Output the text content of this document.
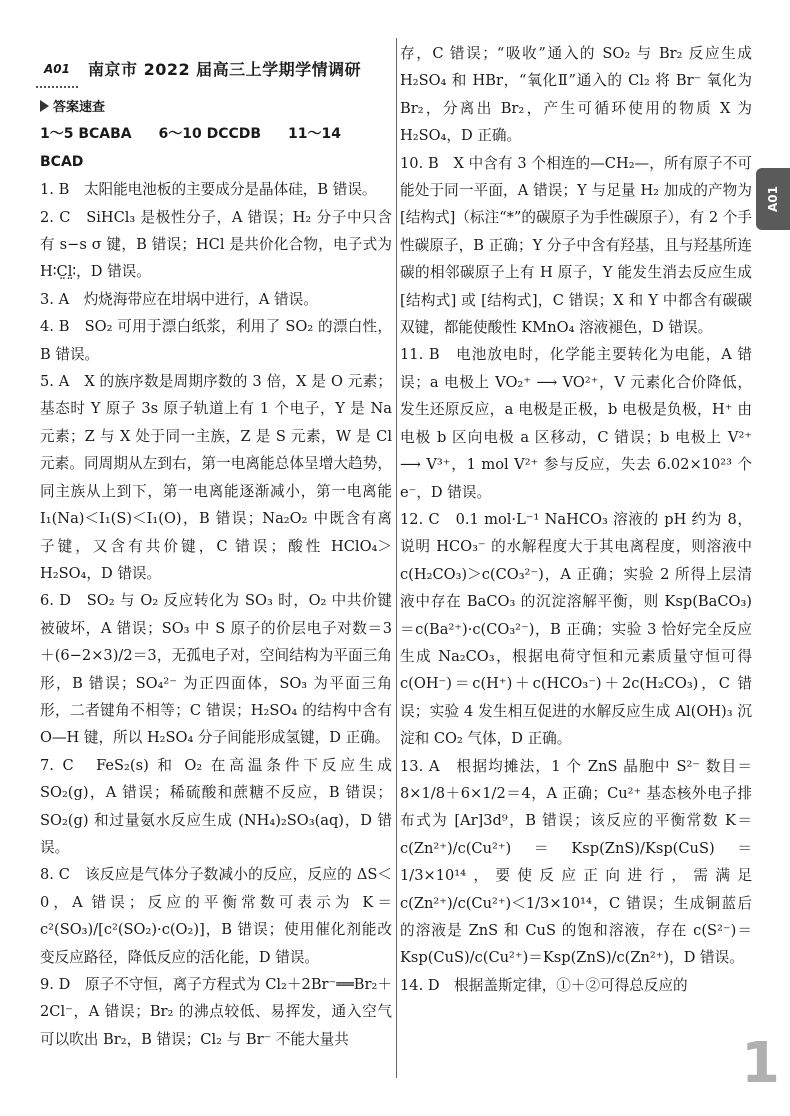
A01 南京市 2022 届高三上学期学情调研
答案速查
1～5 BCABA 6～10 DCCDB 11～14 BCAD

1. B　太阳能电池板的主要成分是晶体硅，B 错误。

2. C　SiHCl₃ 是极性分子，A 错误；H₂ 分子中只含有 s−s σ 键，B 错误；HCl 是共价化合物，电子式为 H∶C̤l̤∶，D 错误。

3. A　灼烧海带应在坩埚中进行，A 错误。

4. B　SO₂ 可用于漂白纸浆，利用了 SO₂ 的漂白性，B 错误。

5. A　X 的族序数是周期序数的 3 倍，X 是 O 元素；基态时 Y 原子 3s 原子轨道上有 1 个电子，Y 是 Na 元素；Z 与 X 处于同一主族，Z 是 S 元素，W 是 Cl 元素。同周期从左到右，第一电离能总体呈增大趋势，同主族从上到下，第一电离能逐渐减小，第一电离能 I₁(Na)＜I₁(S)＜I₁(O)，B 错误；Na₂O₂ 中既含有离子键，又含有共价键，C 错误；酸性 HClO₄＞H₂SO₄，D 错误。

6. D　SO₂ 与 O₂ 反应转化为 SO₃ 时，O₂ 中共价键被破坏，A 错误；SO₃ 中 S 原子的价层电子对数＝3＋(6−2×3)/2＝3，无孤电子对，空间结构为平面三角形，B 错误；SO₄²⁻ 为正四面体，SO₃ 为平面三角形，二者键角不相等；C 错误；H₂SO₄ 的结构中含有 O—H 键，所以 H₂SO₄ 分子间能形成氢键，D 正确。

7. C　FeS₂(s) 和 O₂ 在高温条件下反应生成 SO₂(g)，A 错误；稀硫酸和蔗糖不反应，B 错误；SO₂(g) 和过量氨水反应生成 (NH₄)₂SO₃(aq)，D 错误。

8. C　该反应是气体分子数减小的反应，反应的 ΔS＜0，A 错误；反应的平衡常数可表示为 K＝c²(SO₃)/[c²(SO₂)·c(O₂)]，B 错误；使用催化剂能改变反应路径，降低反应的活化能，D 错误。

9. D　原子不守恒，离子方程式为 Cl₂＋2Br⁻══Br₂＋2Cl⁻，A 错误；Br₂ 的沸点较低、易挥发，通入空气可以吹出 Br₂，B 错误；Cl₂ 与 Br⁻ 不能大量共

存，C 错误；“吸收”通入的 SO₂ 与 Br₂ 反应生成 H₂SO₄ 和 HBr，“氧化Ⅱ”通入的 Cl₂ 将 Br⁻ 氧化为 Br₂，分离出 Br₂，产生可循环使用的物质 X 为 H₂SO₄，D 正确。

10. B　X 中含有 3 个相连的—CH₂—，所有原子不可能处于同一平面，A 错误；Y 与足量 H₂ 加成的产物为 [结构式]（标注“*”的碳原子为手性碳原子），有 2 个手性碳原子，B 正确；Y 分子中含有羟基，且与羟基所连碳的相邻碳原子上有 H 原子，Y 能发生消去反应生成 [结构式] 或 [结构式]，C 错误；X 和 Y 中都含有碳碳双键，都能使酸性 KMnO₄ 溶液褪色，D 错误。

11. B　电池放电时，化学能主要转化为电能，A 错误；a 电极上 VO₂⁺ ⟶ VO²⁺，V 元素化合价降低，发生还原反应，a 电极是正极，b 电极是负极，H⁺ 由电极 b 区向电极 a 区移动，C 错误；b 电极上 V²⁺ ⟶ V³⁺，1 mol V²⁺ 参与反应，失去 6.02×10²³ 个 e⁻，D 错误。

12. C　0.1 mol·L⁻¹ NaHCO₃ 溶液的 pH 约为 8，说明 HCO₃⁻ 的水解程度大于其电离程度，则溶液中 c(H₂CO₃)＞c(CO₃²⁻)，A 正确；实验 2 所得上层清液中存在 BaCO₃ 的沉淀溶解平衡，则 Ksp(BaCO₃)＝c(Ba²⁺)·c(CO₃²⁻)，B 正确；实验 3 恰好完全反应生成 Na₂CO₃，根据电荷守恒和元素质量守恒可得 c(OH⁻)＝c(H⁺)＋c(HCO₃⁻)＋2c(H₂CO₃)，C 错误；实验 4 发生相互促进的水解反应生成 Al(OH)₃ 沉淀和 CO₂ 气体，D 正确。

13. A　根据均摊法，1 个 ZnS 晶胞中 S²⁻ 数目＝8×1/8＋6×1/2＝4，A 正确；Cu²⁺ 基态核外电子排布式为 [Ar]3d⁹，B 错误；该反应的平衡常数 K＝c(Zn²⁺)/c(Cu²⁺)＝Ksp(ZnS)/Ksp(CuS)＝1/3×10¹⁴，要使反应正向进行，需满足 c(Zn²⁺)/c(Cu²⁺)＜1/3×10¹⁴，C 错误；生成铜蓝后的溶液是 ZnS 和 CuS 的饱和溶液，存在 c(S²⁻)＝Ksp(CuS)/c(Cu²⁺)＝Ksp(ZnS)/c(Zn²⁺)，D 错误。

14. D　根据盖斯定律，①＋②可得总反应的

A01
1
